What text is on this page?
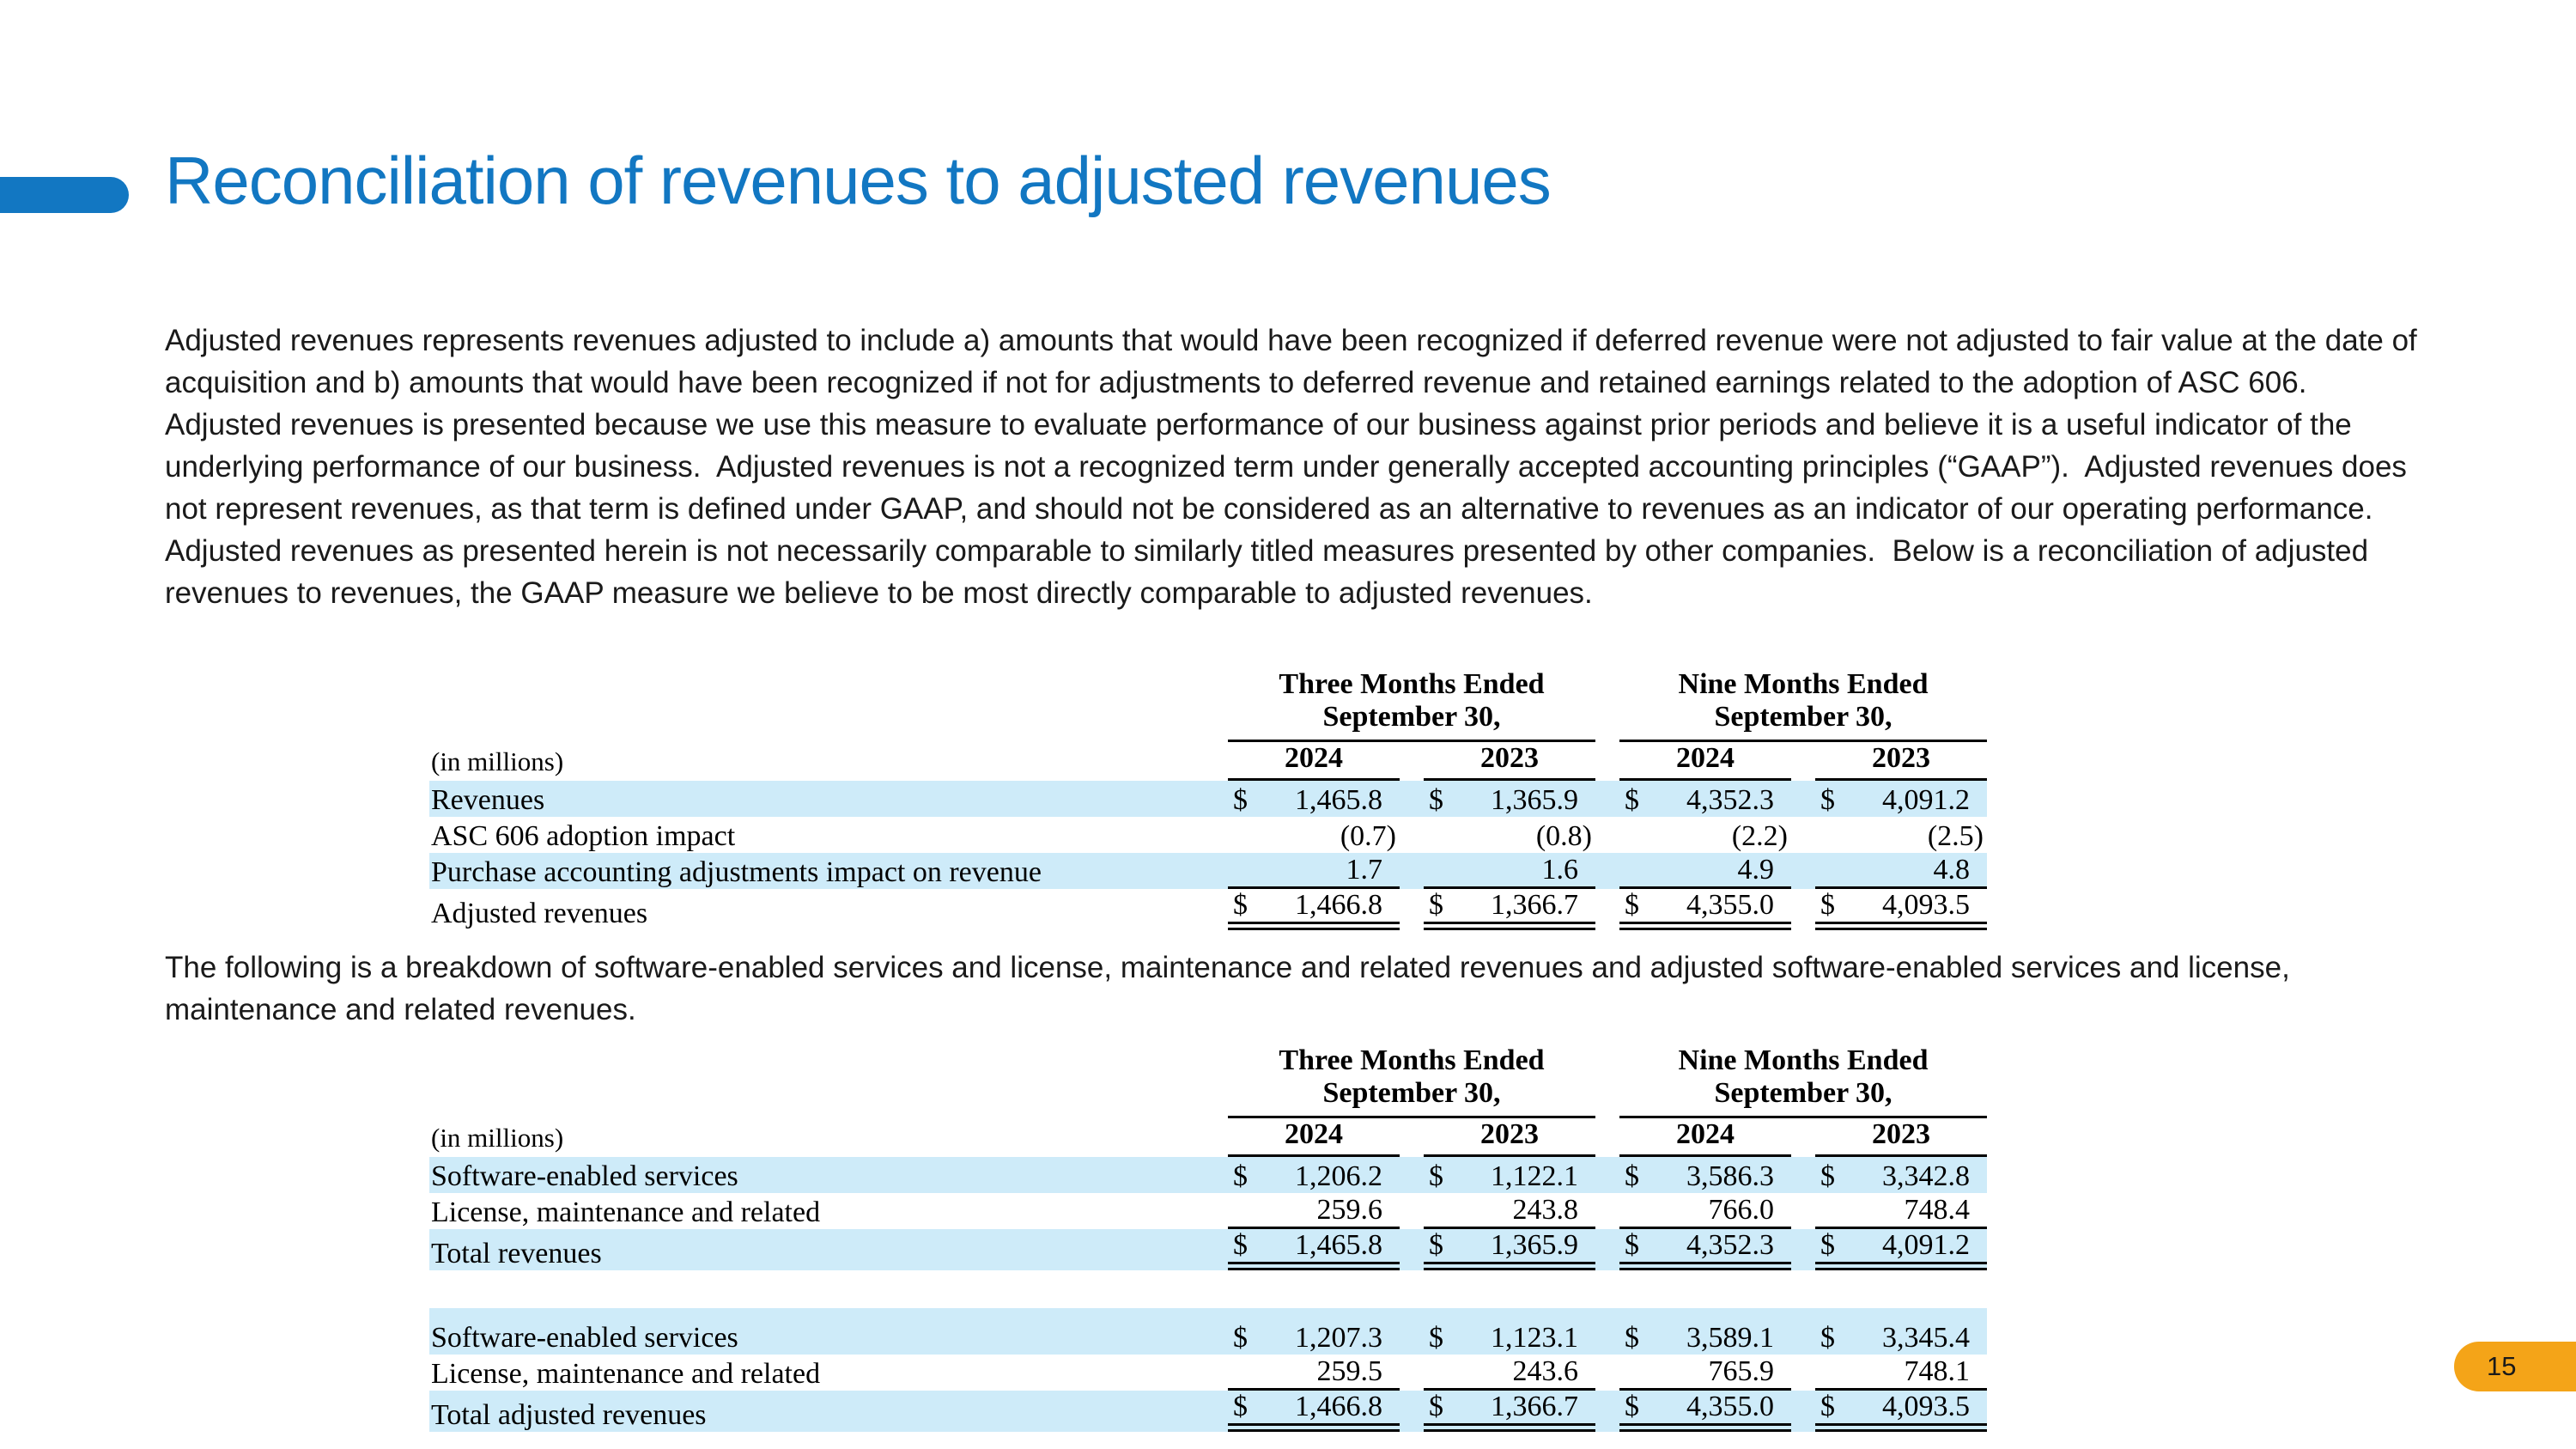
Reconciliation of revenues to adjusted revenues

Adjusted revenues represents revenues adjusted to include a) amounts that would have been recognized if deferred revenue were not adjusted to fair value at the date of acquisition and b) amounts that would have been recognized if not for adjustments to deferred revenue and retained earnings related to the adoption of ASC 606.  Adjusted revenues is presented because we use this measure to evaluate performance of our business against prior periods and believe it is a useful indicator of the underlying performance of our business.  Adjusted revenues is not a recognized term under generally accepted accounting principles (“GAAP”).  Adjusted revenues does not represent revenues, as that term is defined under GAAP, and should not be considered as an alternative to revenues as an indicator of our operating performance.  Adjusted revenues as presented herein is not necessarily comparable to similarly titled measures presented by other companies.  Below is a reconciliation of adjusted revenues to revenues, the GAAP measure we believe to be most directly comparable to adjusted revenues.

	Three Months Ended
September 30,						Nine Months Ended
September 30,				
(in millions)	2024			2023			2024			2023	
Revenues	$	1,465.8		$	1,365.9		$	4,352.3		$	4,091.2
ASC 606 adoption impact		(0.7)			(0.8)			(2.2)			(2.5)
Purchase accounting adjustments impact on revenue		1.7			1.6			4.9			4.8
Adjusted revenues	$	1,466.8		$	1,366.7		$	4,355.0		$	4,093.5

The following is a breakdown of software-enabled services and license, maintenance and related revenues and adjusted software-enabled services and license, maintenance and related revenues.

	Three Months Ended
September 30,						Nine Months Ended
September 30,				
(in millions)	2024			2023			2024			2023	
Software-enabled services	$	1,206.2		$	1,122.1		$	3,586.3		$	3,342.8
License, maintenance and related		259.6			243.8			766.0			748.4
Total revenues	$	1,465.8		$	1,365.9		$	4,352.3		$	4,091.2

Software-enabled services	$	1,207.3		$	1,123.1		$	3,589.1		$	3,345.4
License, maintenance and related		259.5			243.6			765.9			748.1
Total adjusted revenues	$	1,466.8		$	1,366.7		$	4,355.0		$	4,093.5
15
